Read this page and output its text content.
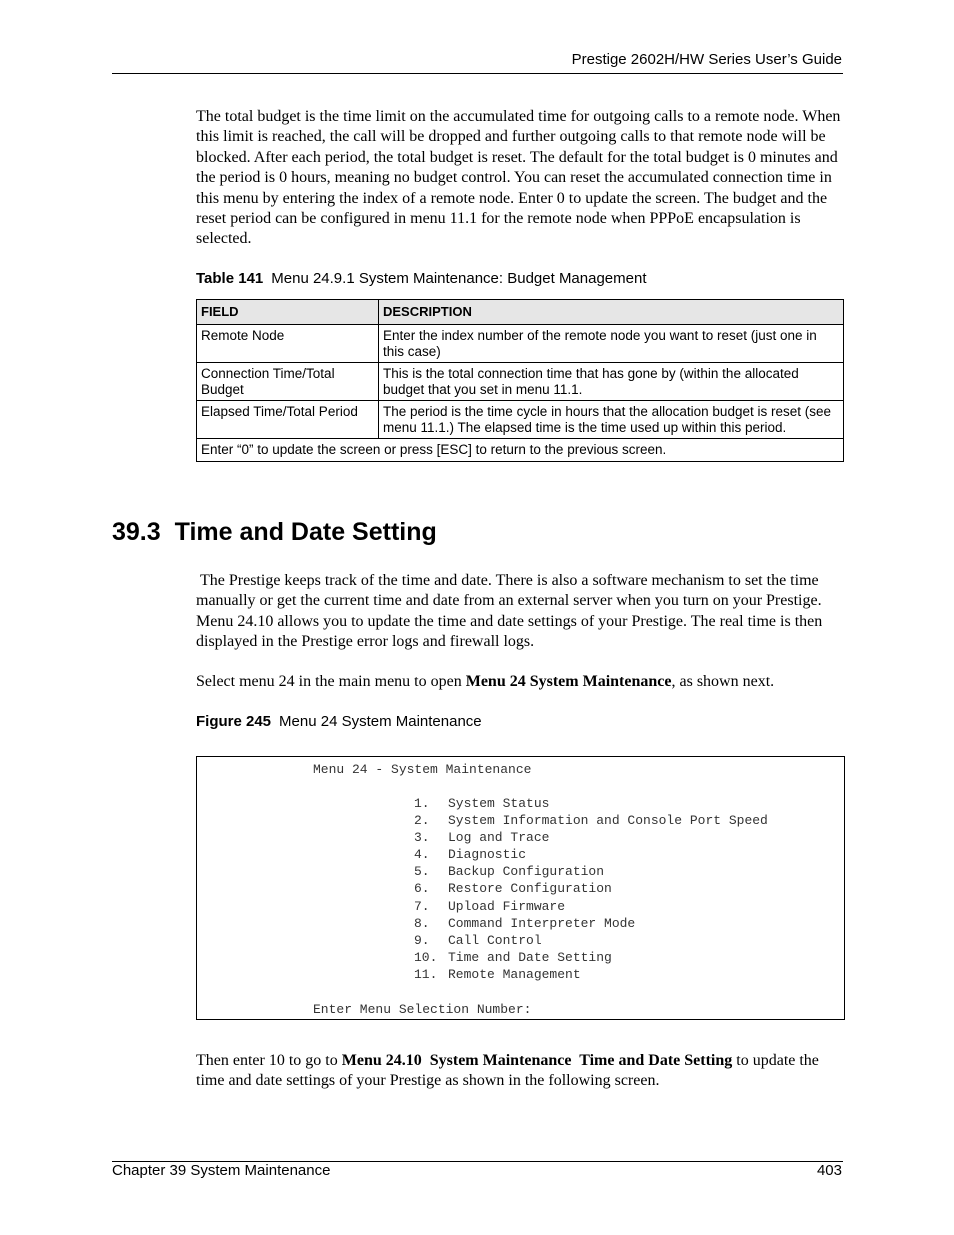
Prestige 2602H/HW Series User’s Guide

The total budget is the time limit on the accumulated time for outgoing calls to a remote node. When this limit is reached, the call will be dropped and further outgoing calls to that remote node will be blocked. After each period, the total budget is reset. The default for the total budget is 0 minutes and the period is 0 hours, meaning no budget control. You can reset the accumulated connection time in this menu by entering the index of a remote node. Enter 0 to update the screen. The budget and the reset period can be configured in menu 11.1 for the remote node when PPPoE encapsulation is selected.

Table 141 Menu 24.9.1 System Maintenance: Budget Management
FIELD	DESCRIPTION
Remote Node	Enter the index number of the remote node you want to reset (just one in this case)
Connection Time/Total Budget	This is the total connection time that has gone by (within the allocated budget that you set in menu 11.1.
Elapsed Time/Total Period	The period is the time cycle in hours that the allocation budget is reset (see menu 11.1.) The elapsed time is the time used up within this period.
Enter “0” to update the screen or press [ESC] to return to the previous screen.	
39.3 Time and Date Setting

The Prestige keeps track of the time and date. There is also a software mechanism to set the time manually or get the current time and date from an external server when you turn on your Prestige. Menu 24.10 allows you to update the time and date settings of your Prestige. The real time is then displayed in the Prestige error logs and firewall logs.

Select menu 24 in the main menu to open Menu 24 System Maintenance, as shown next.

Figure 245 Menu 24 System Maintenance
Menu 24 - System Maintenance
1. System Status
2. System Information and Console Port Speed
3. Log and Trace
4. Diagnostic
5. Backup Configuration
6. Restore Configuration
7. Upload Firmware
8. Command Interpreter Mode
9. Call Control
10. Time and Date Setting
11. Remote Management
Enter Menu Selection Number:

Then enter 10 to go to Menu 24.10  System Maintenance  Time and Date Setting to update the time and date settings of your Prestige as shown in the following screen.

Chapter 39 System Maintenance	403
